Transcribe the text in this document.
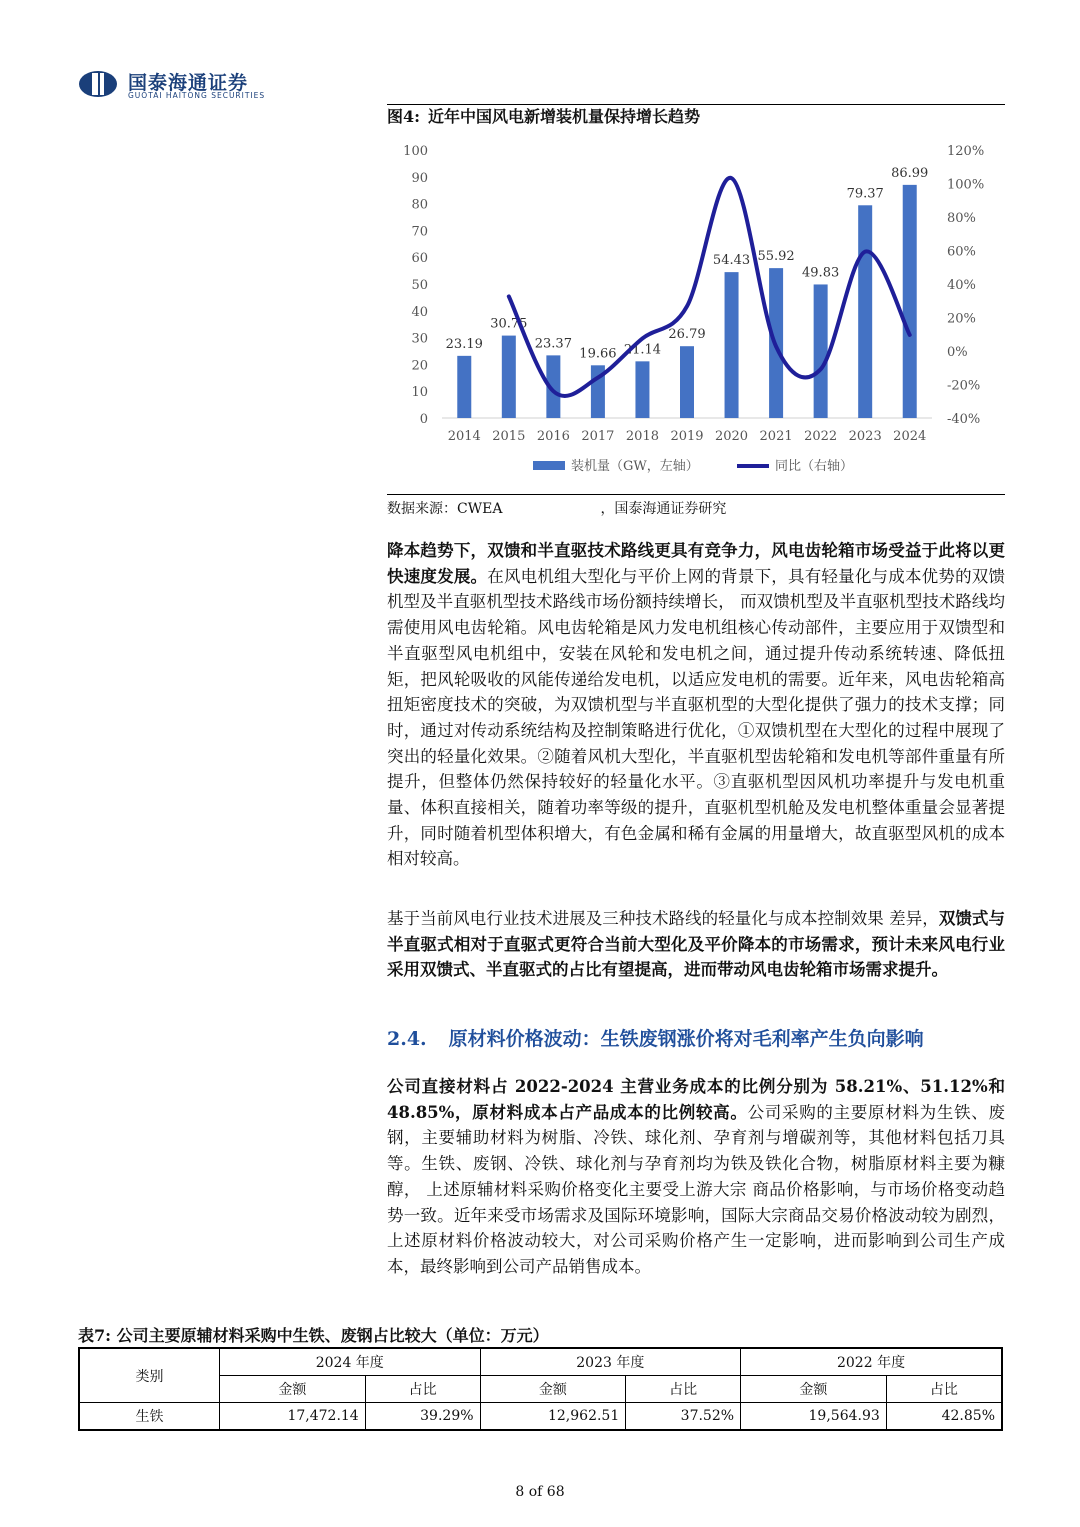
国泰海通证券
GUOTAI HAITONG SECURITIES
图4: 近年中国风电新增装机量保持增长趋势
0
10
20
30
40
50
60
70
80
90
100
-40%
-20%
0%
20%
40%
60%
80%
100%
120%
23.19
2014
30.75
2015
23.37
2016
19.66
2017
21.14
2018
26.79
2019
54.43
2020
55.92
2021
49.83
2022
79.37
2023
86.99
2024
装机量（GW，左轴）	同比（右轴）
数据来源：CWEA	，国泰海通证券研究
降本趋势下，双馈和半直驱技术路线更具有竞争力，风电齿轮箱市场受益于此将以更快速度发展。在风电机组大型化与平价上网的背景下，具有轻量化与成本优势的双馈机型及半直驱机型技术路线市场份额持续增长， 而双馈机型及半直驱机型技术路线均需使用风电齿轮箱。风电齿轮箱是风力发电机组核心传动部件，主要应用于双馈型和半直驱型风电机组中，安装在风轮和发电机之间，通过提升传动系统转速、降低扭矩，把风轮吸收的风能传递给发电机，以适应发电机的需要。近年来，风电齿轮箱高扭矩密度技术的突破，为双馈机型与半直驱机型的大型化提供了强力的技术支撑；同时，通过对传动系统结构及控制策略进行优化，①双馈机型在大型化的过程中展现了突出的轻量化效果。②随着风机大型化，半直驱机型齿轮箱和发电机等部件重量有所提升，但整体仍然保持较好的轻量化水平。③直驱机型因风机功率提升与发电机重量、体积直接相关，随着功率等级的提升，直驱机型机舱及发电机整体重量会显著提升，同时随着机型体积增大，有色金属和稀有金属的用量增大，故直驱型风机的成本相对较高。
基于当前风电行业技术进展及三种技术路线的轻量化与成本控制效果 差异，双馈式与半直驱式相对于直驱式更符合当前大型化及平价降本的市场需求，预计未来风电行业采用双馈式、半直驱式的占比有望提高，进而带动风电齿轮箱市场需求提升。
2.4. 原材料价格波动：生铁废钢涨价将对毛利率产生负向影响
公司直接材料占 2022-2024 主营业务成本的比例分别为 58.21%、51.12%和 48.85%，原材料成本占产品成本的比例较高。公司采购的主要原材料为生铁、废钢，主要辅助材料为树脂、冷铁、球化剂、孕育剂与增碳剂等，其他材料包括刀具等。生铁、废钢、冷铁、球化剂与孕育剂均为铁及铁化合物，树脂原材料主要为糠醇， 上述原辅材料采购价格变化主要受上游大宗 商品价格影响，与市场价格变动趋势一致。近年来受市场需求及国际环境影响，国际大宗商品交易价格波动较为剧烈，上述原材料价格波动较大，对公司采购价格产生一定影响，进而影响到公司生产成本，最终影响到公司产品销售成本。
表7: 公司主要原辅材料采购中生铁、废钢占比较大（单位：万元）
类别	2024 年度		2023 年度		2022 年度	
	金额	占比	金额	占比	金额	占比
生铁	17,472.14	39.29%	12,962.51	37.52%	19,564.93	42.85%
8 of 68
